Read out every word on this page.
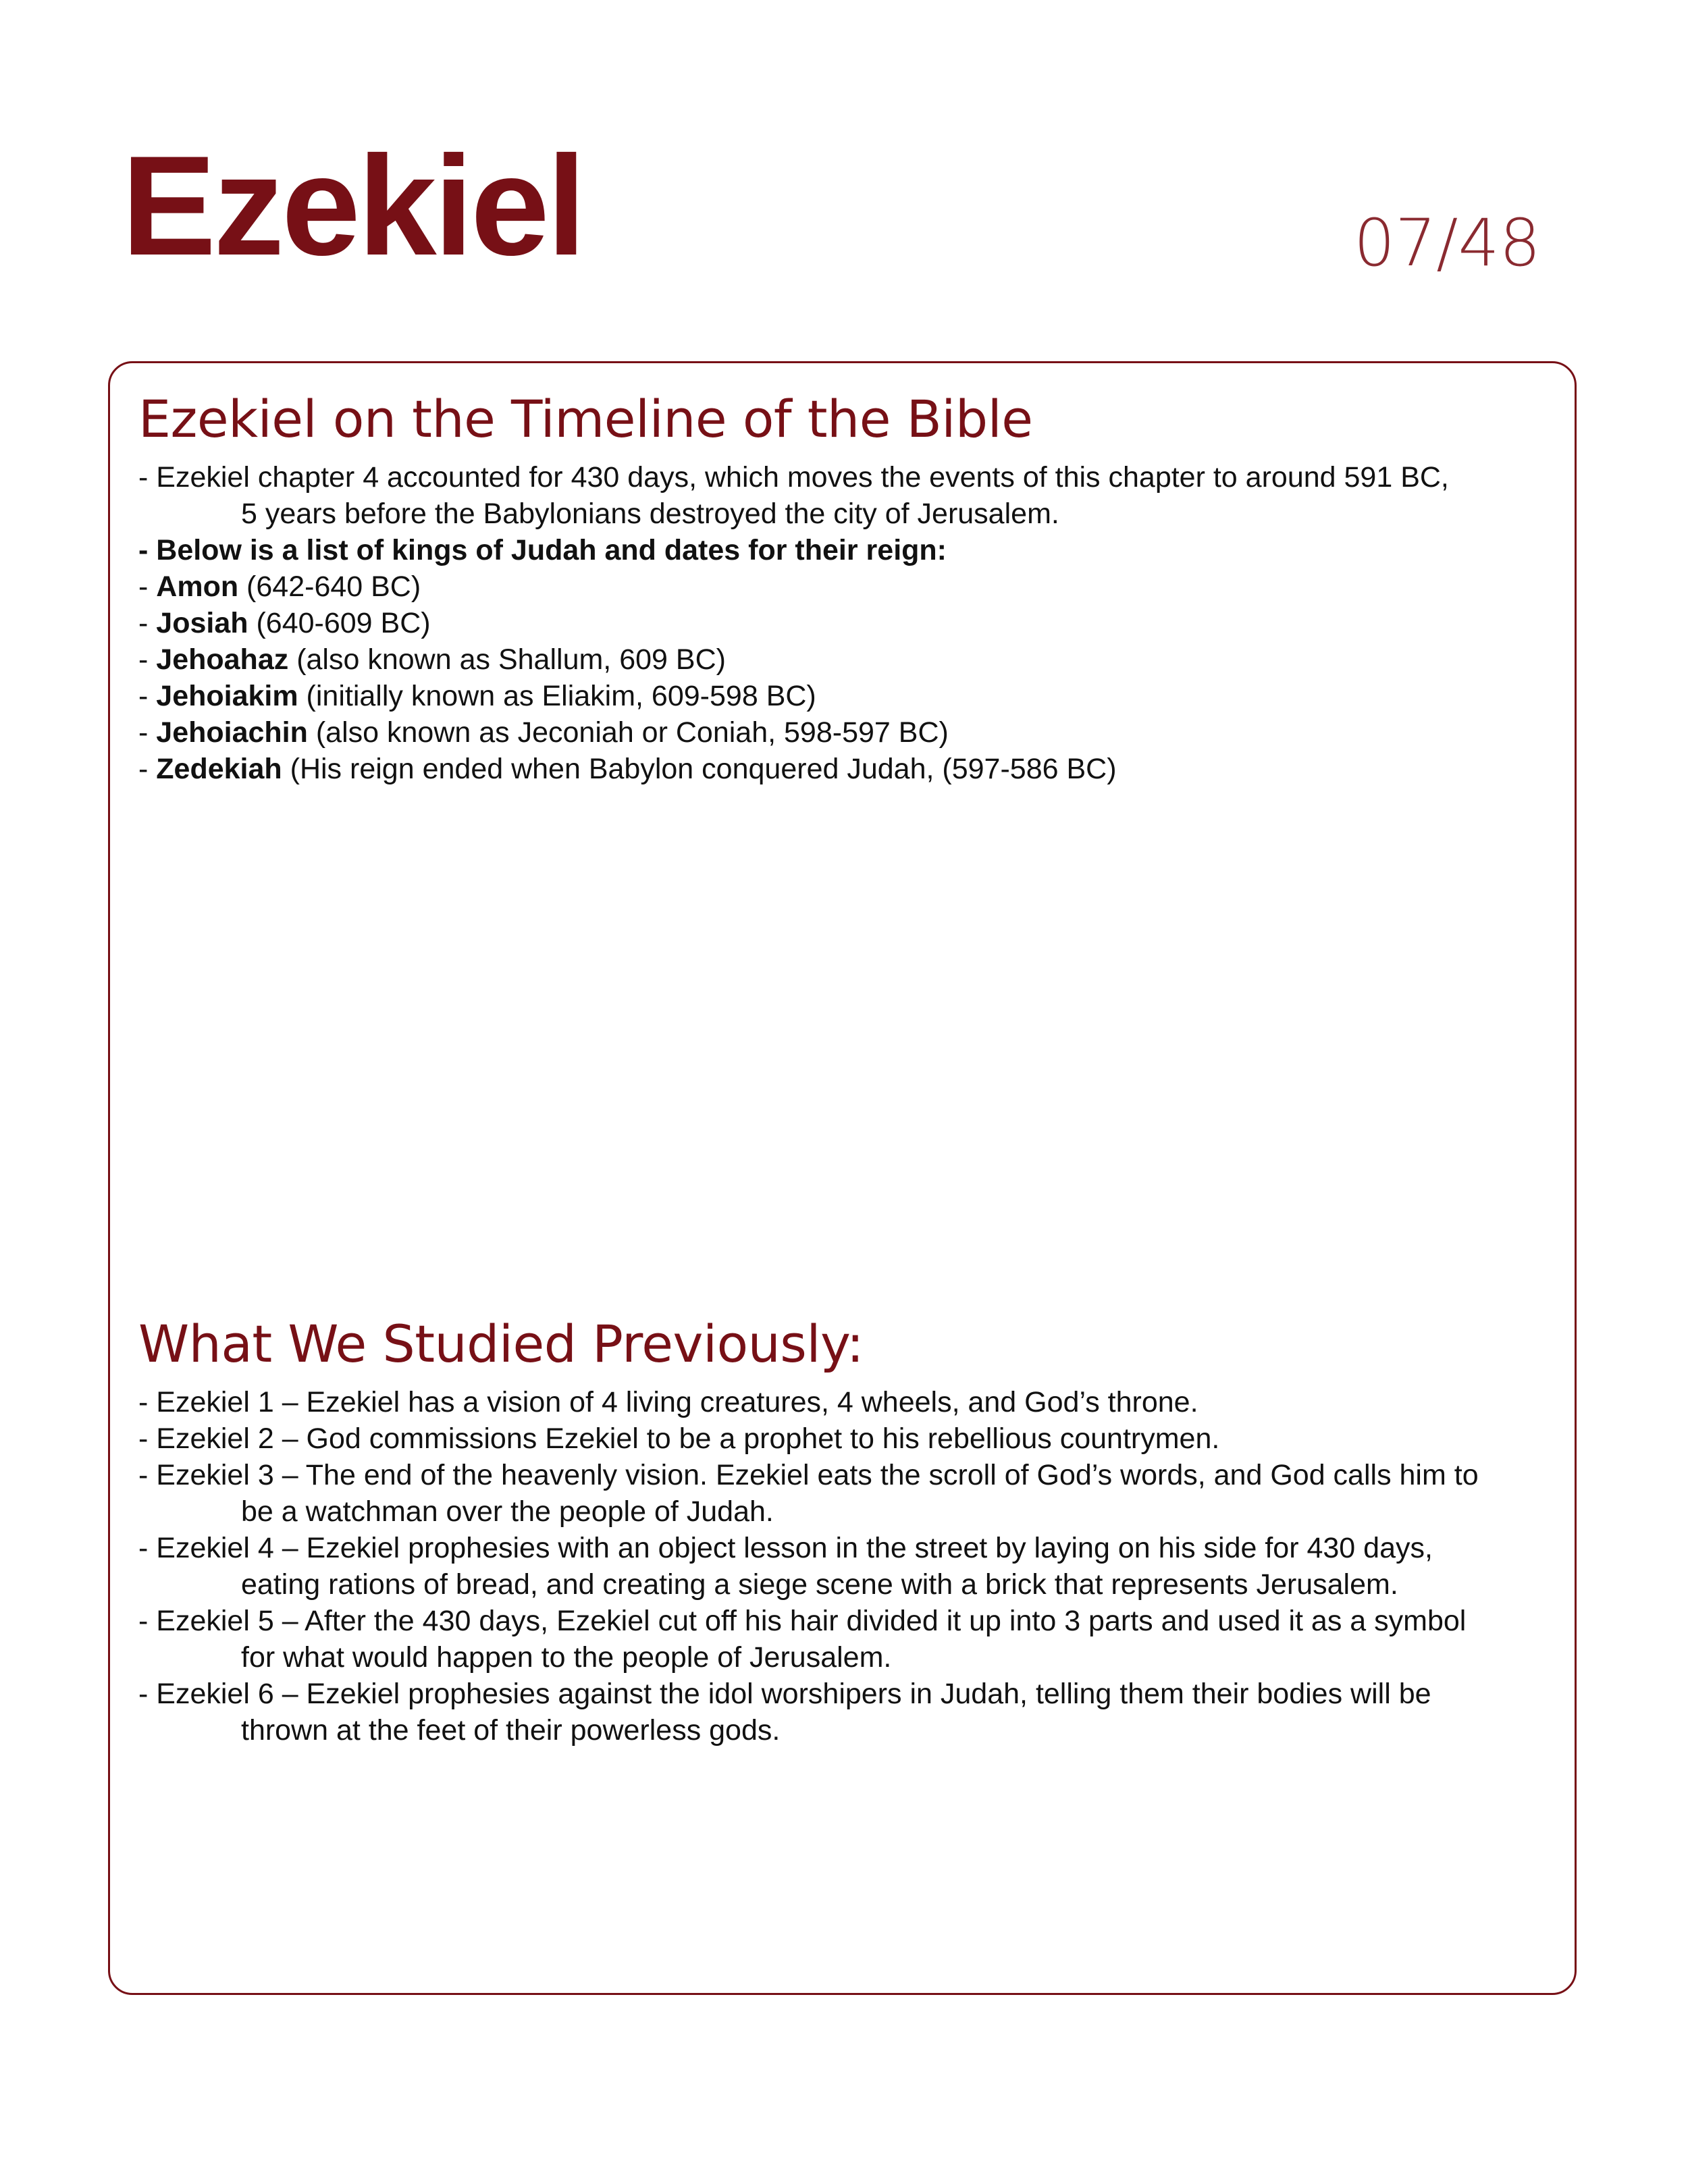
Ezekiel	07/48
Ezekiel on the Timeline of the Bible

- Ezekiel chapter 4 accounted for 430 days, which moves the events of this chapter to around 591 BC,

5 years before the Babylonians destroyed the city of Jerusalem.

- Below is a list of kings of Judah and dates for their reign:

- Amon (642-640 BC)

- Josiah (640-609 BC)

- Jehoahaz (also known as Shallum, 609 BC)

- Jehoiakim (initially known as Eliakim, 609-598 BC)

- Jehoiachin (also known as Jeconiah or Coniah, 598-597 BC)

- Zedekiah (His reign ended when Babylon conquered Judah, (597-586 BC)

What We Studied Previously:

- Ezekiel 1 – Ezekiel has a vision of 4 living creatures, 4 wheels, and God’s throne.

- Ezekiel 2 – God commissions Ezekiel to be a prophet to his rebellious countrymen.

- Ezekiel 3 – The end of the heavenly vision. Ezekiel eats the scroll of God’s words, and God calls him to

be a watchman over the people of Judah.

- Ezekiel 4 – Ezekiel prophesies with an object lesson in the street by laying on his side for 430 days,

eating rations of bread, and creating a siege scene with a brick that represents Jerusalem.

- Ezekiel 5 – After the 430 days, Ezekiel cut off his hair divided it up into 3 parts and used it as a symbol

for what would happen to the people of Jerusalem.

- Ezekiel 6 – Ezekiel prophesies against the idol worshipers in Judah, telling them their bodies will be

thrown at the feet of their powerless gods.
